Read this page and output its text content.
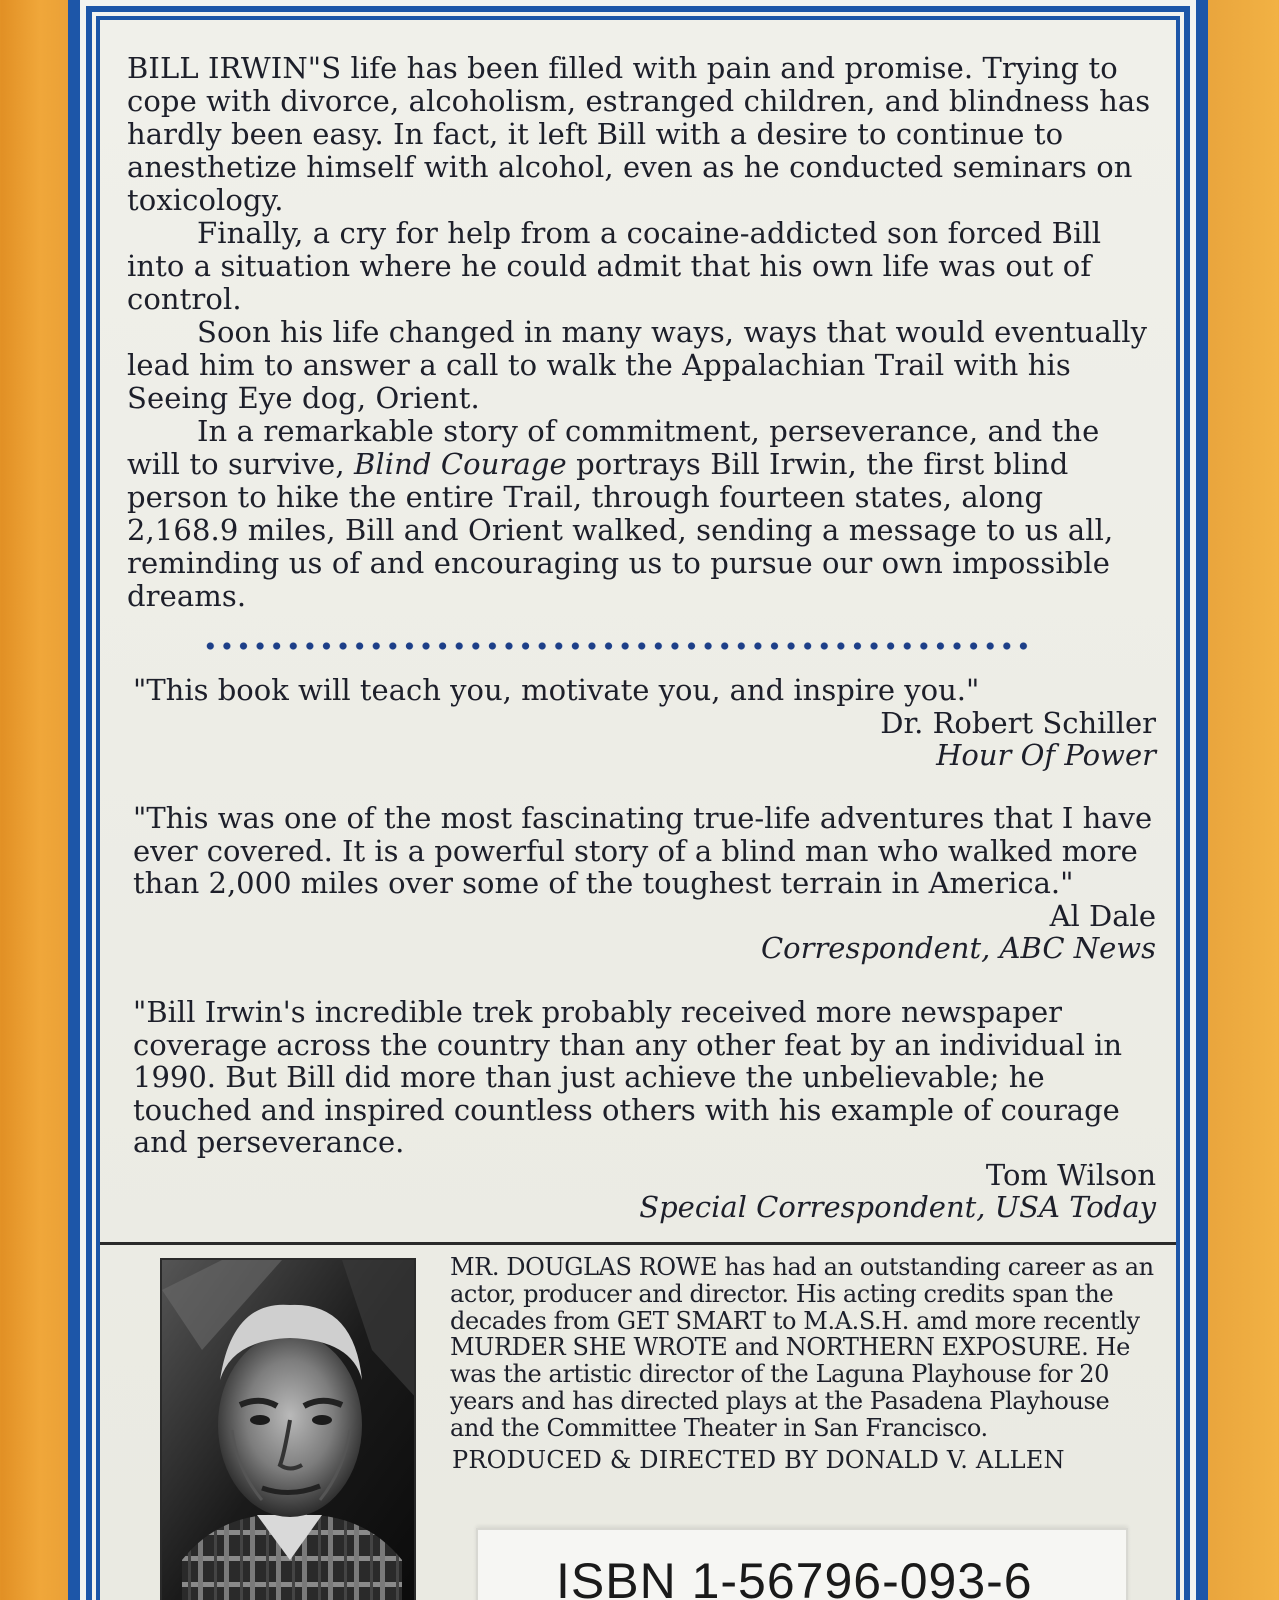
BILL IRWIN"S life has been filled with pain and promise. Trying to cope with divorce, alcoholism, estranged children, and blindness has hardly been easy. In fact, it left Bill with a desire to continue to anesthetize himself with alcohol, even as he conducted seminars on toxicology.

Finally, a cry for help from a cocaine-addicted son forced Bill into a situation where he could admit that his own life was out of control.

Soon his life changed in many ways, ways that would eventually lead him to answer a call to walk the Appalachian Trail with his Seeing Eye dog, Orient.

In a remarkable story of commitment, perseverance, and the will to survive, Blind Courage portrays Bill Irwin, the first blind person to hike the entire Trail, through fourteen states, along 2,168.9 miles, Bill and Orient walked, sending a message to us all, reminding us of and encouraging us to pursue our own impossible dreams.

"This book will teach you, motivate you, and inspire you."
Dr. Robert Schiller
Hour Of Power
"This was one of the most fascinating true-life adventures that I have ever covered. It is a powerful story of a blind man who walked more than 2,000 miles over some of the toughest terrain in America."
Al Dale
Correspondent, ABC News
"Bill Irwin's incredible trek probably received more newspaper coverage across the country than any other feat by an individual in 1990. But Bill did more than just achieve the unbelievable; he touched and inspired countless others with his example of courage and perseverance.
Tom Wilson
Special Correspondent, USA Today
MR. DOUGLAS ROWE has had an outstanding career as an actor, producer and director. His acting credits span the decades from GET SMART to M.A.S.H. amd more recently MURDER SHE WROTE and NORTHERN EXPOSURE. He was the artistic director of the Laguna Playhouse for 20 years and has directed plays at the Pasadena Playhouse and the Committee Theater in San Francisco.
PRODUCED & DIRECTED BY DONALD V. ALLEN
ISBN 1-56796-093-6
